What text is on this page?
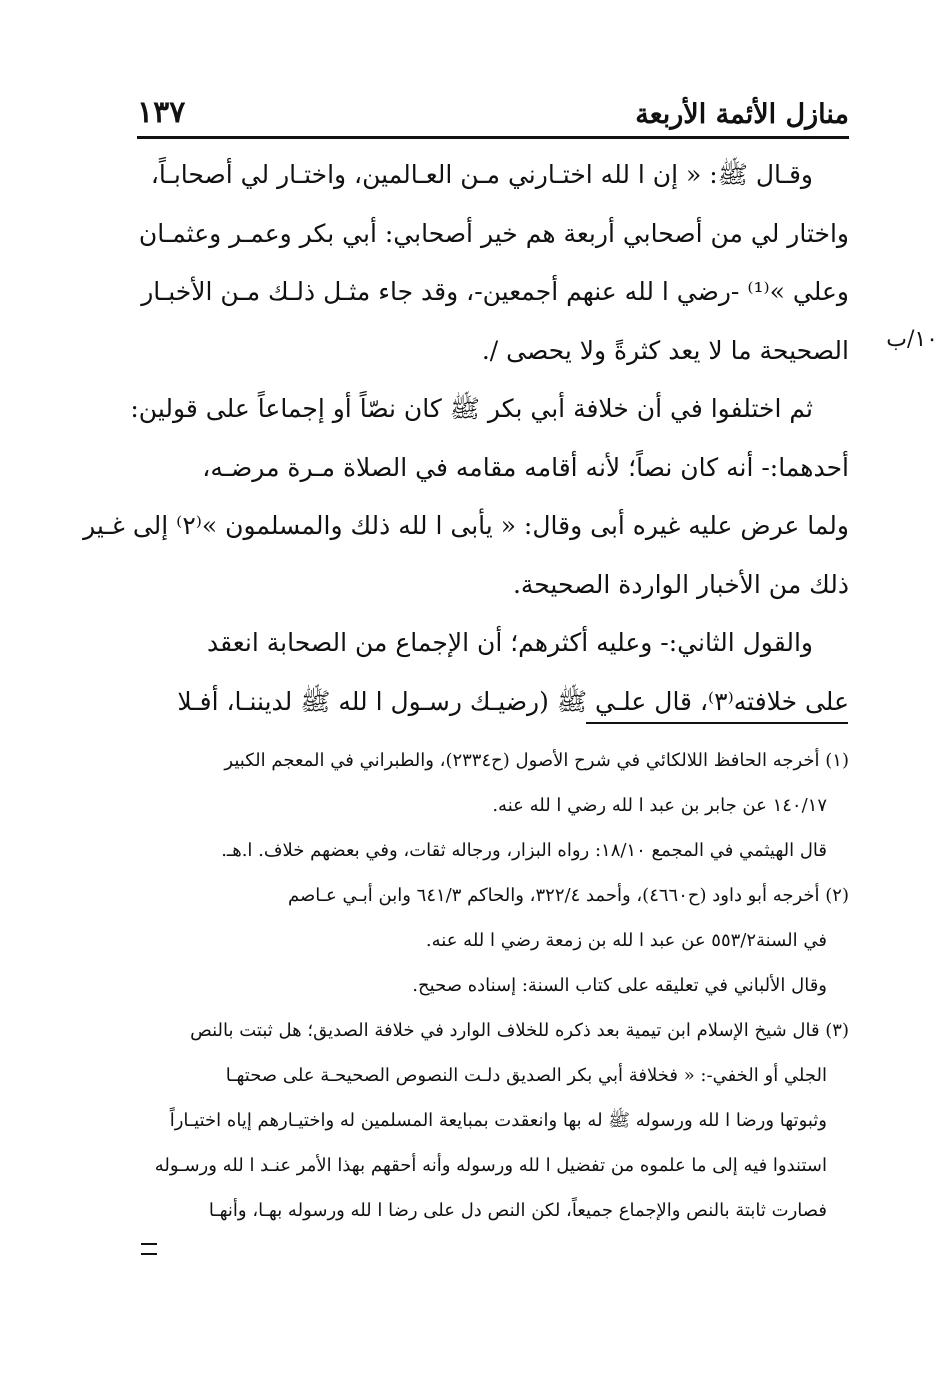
منازل الأئمة الأربعة
١٣٧
١٠/ب
وقـال ﷺ: « إن ا لله اختـارني مـن العـالمين، واختـار لي أصحابـاً،
واختار لي من أصحابي أربعة هم خير أصحابي: أبي بكر وعمـر وعثمـان
وعلي »⁽¹⁾ -رضي ا لله عنهم أجمعين-، وقد جاء مثـل ذلـك مـن الأخبـار
الصحيحة ما لا يعد كثرةً ولا يحصى /.
ثم اختلفوا في أن خلافة أبي بكر ﷺ كان نصّاً أو إجماعاً على قولين:
أحدهما:- أنه كان نصاً؛ لأنه أقامه مقامه في الصلاة مـرة مرضـه،
ولما عرض عليه غيره أبى وقال: « يأبى ا لله ذلك والمسلمون »⁽٢⁾ إلى غـير
ذلك من الأخبار الواردة الصحيحة.
والقول الثاني:- وعليه أكثرهم؛ أن الإجماع من الصحابة انعقد
على خلافته⁽٣⁾، قال علـي ﷺ (رضيـك رسـول ا لله ﷺ لديننـا، أفـلا
(١) أخرجه الحافظ اللالكائي في شرح الأصول (ح٢٣٣٤)، والطبراني في المعجم الكبير
١٤٠/١٧ عن جابر بن عبد ا لله رضي ا لله عنه.
قال الهيثمي في المجمع ١٨/١٠: رواه البزار، ورجاله ثقات، وفي بعضهم خلاف. ا.هـ.
(٢) أخرجه أبو داود (ح٤٦٦٠)، وأحمد ٣٢٢/٤، والحاكم ٦٤١/٣ وابن أبـي عـاصم
في السنة٥٥٣/٢ عن عبد ا لله بن زمعة رضي ا لله عنه.
وقال الألباني في تعليقه على كتاب السنة: إسناده صحيح.
(٣) قال شيخ الإسلام ابن تيمية بعد ذكره للخلاف الوارد في خلافة الصديق؛ هل ثبتت بالنص
الجلي أو الخفي-: « فخلافة أبي بكر الصديق دلـت النصوص الصحيحـة على صحتهـا
وثبوتها ورضا ا لله ورسوله ﷺ له بها وانعقدت بمبايعة المسلمين له واختيـارهم إياه اختيـاراً
استندوا فيه إلى ما علموه من تفضيل ا لله ورسوله وأنه أحقهم بهذا الأمر عنـد ا لله ورسـوله
فصارت ثابتة بالنص والإجماع جميعاً، لكن النص دل على رضا ا لله ورسوله بهـا، وأنهـا
